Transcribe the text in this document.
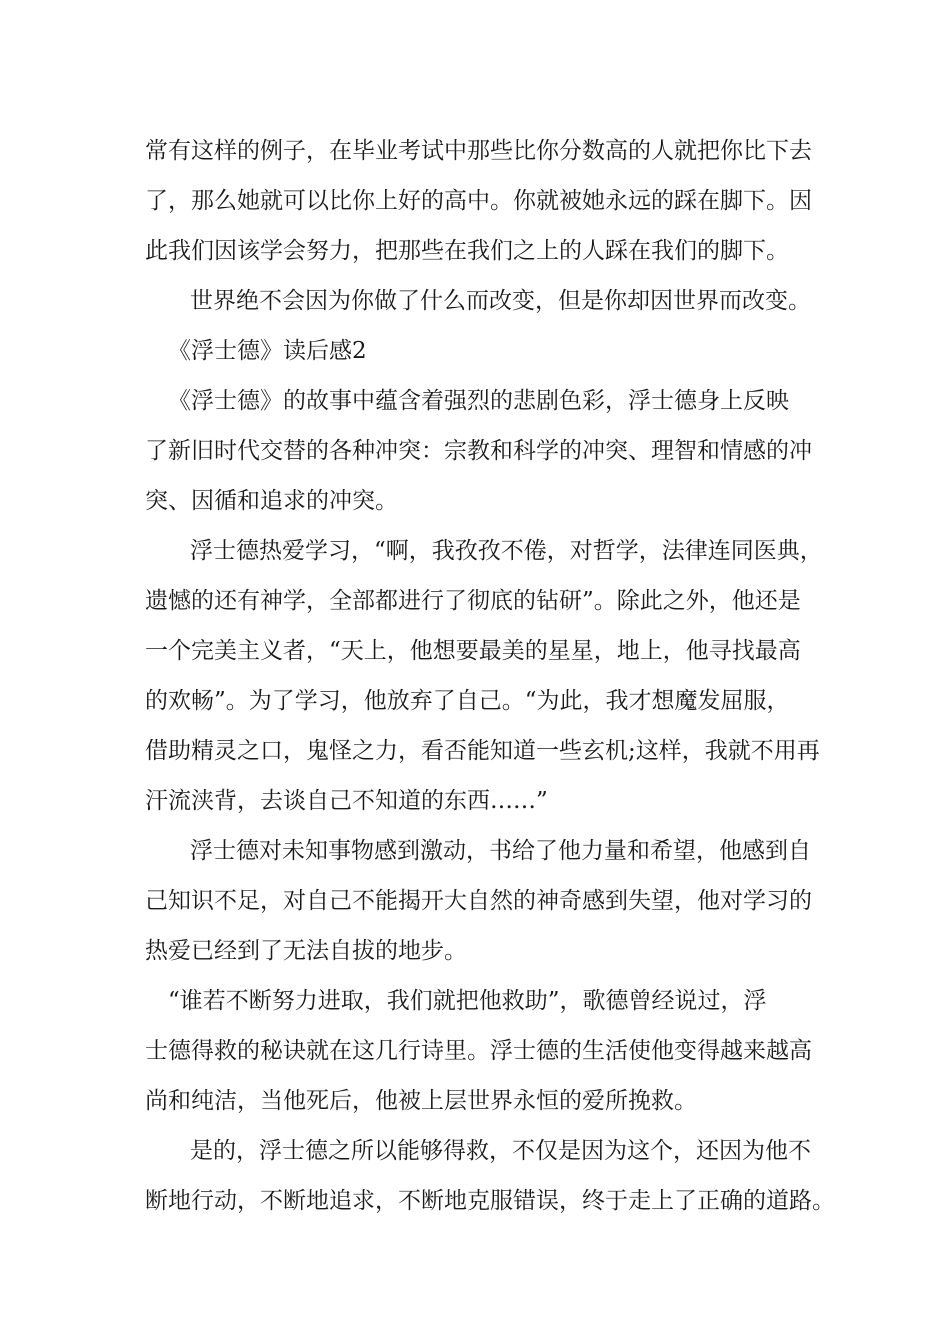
常有这样的例子，在毕业考试中那些比你分数高的人就把你比下去
了，那么她就可以比你上好的高中。你就被她永远的踩在脚下。因
此我们因该学会努力，把那些在我们之上的人踩在我们的脚下。
世界绝不会因为你做了什么而改变，但是你却因世界而改变。
《浮士德》读后感2
《浮士德》的故事中蕴含着强烈的悲剧色彩，浮士德身上反映
了新旧时代交替的各种冲突：宗教和科学的冲突、理智和情感的冲
突、因循和追求的冲突。
浮士德热爱学习，“啊，我孜孜不倦，对哲学，法律连同医典，
遗憾的还有神学，全部都进行了彻底的钻研”。除此之外，他还是
一个完美主义者，“天上，他想要最美的星星，地上，他寻找最高
的欢畅”。为了学习，他放弃了自己。“为此，我才想魔发屈服，
借助精灵之口，鬼怪之力，看否能知道一些玄机;这样，我就不用再
汗流浃背，去谈自己不知道的东西……”
浮士德对未知事物感到激动，书给了他力量和希望，他感到自
己知识不足，对自己不能揭开大自然的神奇感到失望，他对学习的
热爱已经到了无法自拔的地步。
“谁若不断努力进取，我们就把他救助”，歌德曾经说过，浮
士德得救的秘诀就在这几行诗里。浮士德的生活使他变得越来越高
尚和纯洁，当他死后，他被上层世界永恒的爱所挽救。
是的，浮士德之所以能够得救，不仅是因为这个，还因为他不
断地行动，不断地追求，不断地克服错误，终于走上了正确的道路。
